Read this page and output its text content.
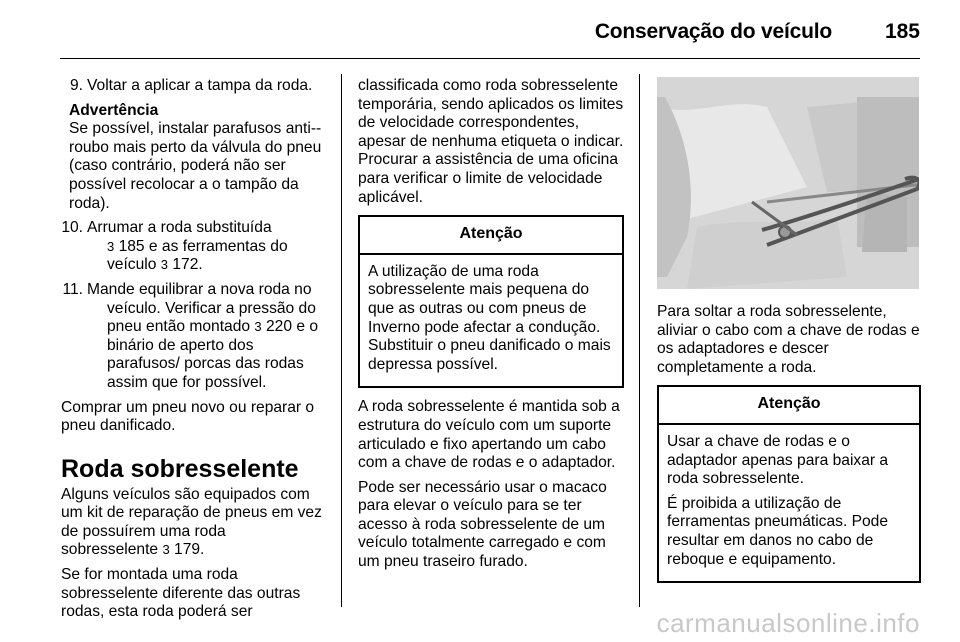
Conservação do veículo	185
9. Voltar a aplicar a tampa da roda.
Advertência
Se possível, instalar parafusos anti--roubo mais perto da válvula do pneu (caso contrário, poderá não ser possível recolocar a o tampão da roda).
10. Arrumar a roda substituída
3 185 e as ferramentas do veículo 3 172.
11. Mande equilibrar a nova roda no
veículo. Verificar a pressão do pneu então montado 3 220 e o binário de aperto dos parafusos/ porcas das rodas assim que for possível.

Comprar um pneu novo ou reparar o pneu danificado.

Roda sobresselente

Alguns veículos são equipados com um kit de reparação de pneus em vez de possuírem uma roda sobresselente 3 179.

Se for montada uma roda sobresselente diferente das outras rodas, esta roda poderá ser

classificada como roda sobresselente temporária, sendo aplicados os limites de velocidade correspondentes, apesar de nenhuma etiqueta o indicar. Procurar a assistência de uma oficina para verificar o limite de velocidade aplicável.

Atenção

A utilização de uma roda sobresselente mais pequena do que as outras ou com pneus de Inverno pode afectar a condução. Substituir o pneu danificado o mais depressa possível.

A roda sobresselente é mantida sob a estrutura do veículo com um suporte articulado e fixo apertando um cabo com a chave de rodas e o adaptador.

Pode ser necessário usar o macaco para elevar o veículo para se ter acesso à roda sobresselente de um veículo totalmente carregado e com um pneu traseiro furado.

Para soltar a roda sobresselente, aliviar o cabo com a chave de rodas e os adaptadores e descer completamente a roda.

Atenção

Usar a chave de rodas e o adaptador apenas para baixar a roda sobresselente.

É proibida a utilização de ferramentas pneumáticas. Pode resultar em danos no cabo de reboque e equipamento.

carmanualsonline.info
